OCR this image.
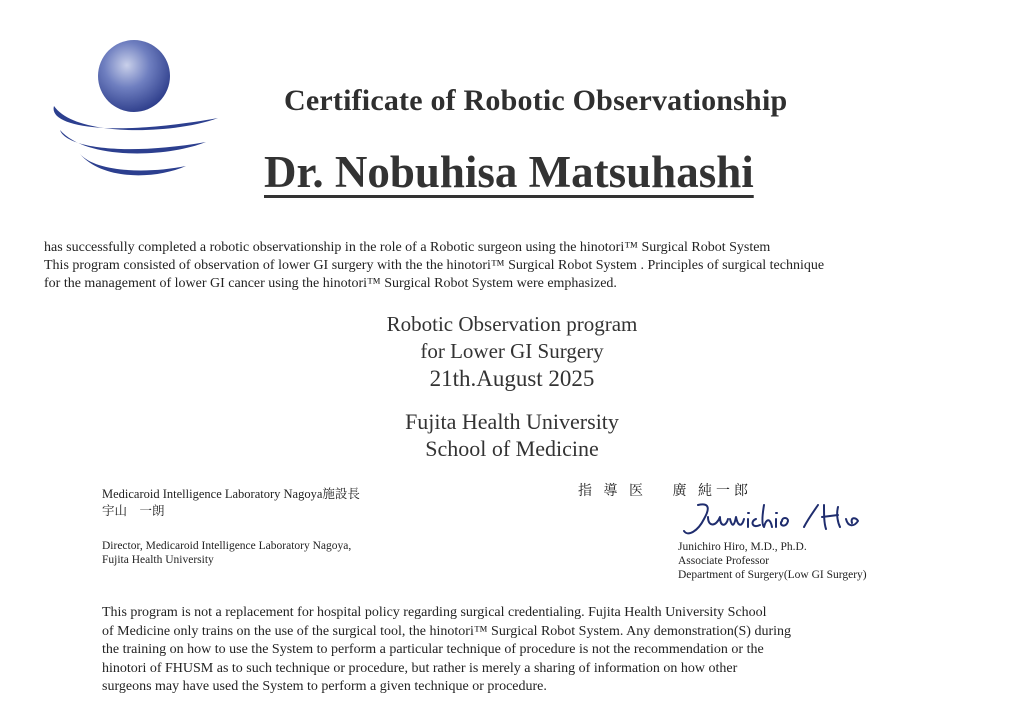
Certificate of Robotic Observationship
Dr. Nobuhisa Matsuhashi
has successfully completed a robotic observationship in the role of a Robotic surgeon using the hinotori™ Surgical Robot System
This program consisted of observation of lower GI surgery with the the hinotori™ Surgical Robot System . Principles of surgical technique
for the management of lower GI cancer using the hinotori™ Surgical Robot System were emphasized.
Robotic Observation program
for Lower GI Surgery
21th.August 2025
Fujita Health University
School of Medicine
Medicaroid Intelligence Laboratory Nagoya施設長
宇山　一朗
Director, Medicaroid Intelligence Laboratory Nagoya,
Fujita Health University
指 導 医　 廣 純一郎
Junichiro Hiro, M.D., Ph.D.
Associate Professor
Department of Surgery(Low GI Surgery)
This program is not a replacement for hospital policy regarding surgical credentialing. Fujita Health University School
of Medicine only trains on the use of the surgical tool, the hinotori™ Surgical Robot System. Any demonstration(S) during
the training on how to use the System to perform a particular technique of procedure is not the recommendation or the
hinotori of FHUSM as to such technique or procedure, but rather is merely a sharing of information on how other
surgeons may have used the System to perform a given technique or procedure.
